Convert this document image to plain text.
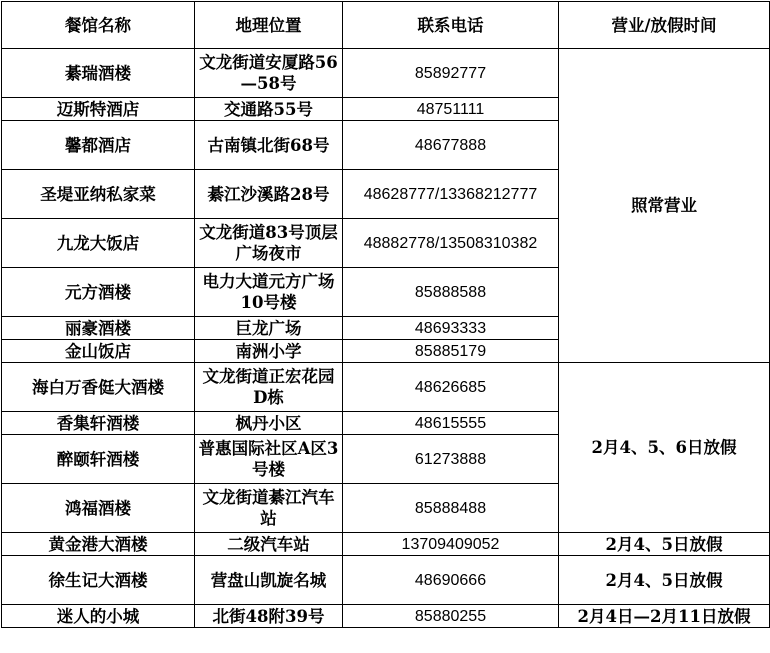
餐馆名称	地理位置	联系电话	营业/放假时间
綦瑞酒楼	文龙街道安厦路56—58号	85892777	照常营业
迈斯特酒店	交通路55号	48751111	
馨都酒店	古南镇北街68号	48677888	
圣堤亚纳私家菜	綦江沙溪路28号	48628777/13368212777	
九龙大饭店	文龙街道83号顶层广场夜市	48882778/13508310382	
元方酒楼	电力大道元方广场10号楼	85888588	
丽豪酒楼	巨龙广场	48693333	
金山饭店	南洲小学	85885179	
海白万香侹大酒楼	文龙街道正宏花园D栋	48626685	2月4、5、6日放假
香集轩酒楼	枫丹小区	48615555	
醉颐轩酒楼	普惠国际社区A区3号楼	61273888	
鸿福酒楼	文龙街道綦江汽车站	85888488	
黄金港大酒楼	二级汽车站	13709409052	2月4、5日放假
徐生记大酒楼	营盘山凯旋名城	48690666	2月4、5日放假
迷人的小城	北街48附39号	85880255	2月4日—2月11日放假
